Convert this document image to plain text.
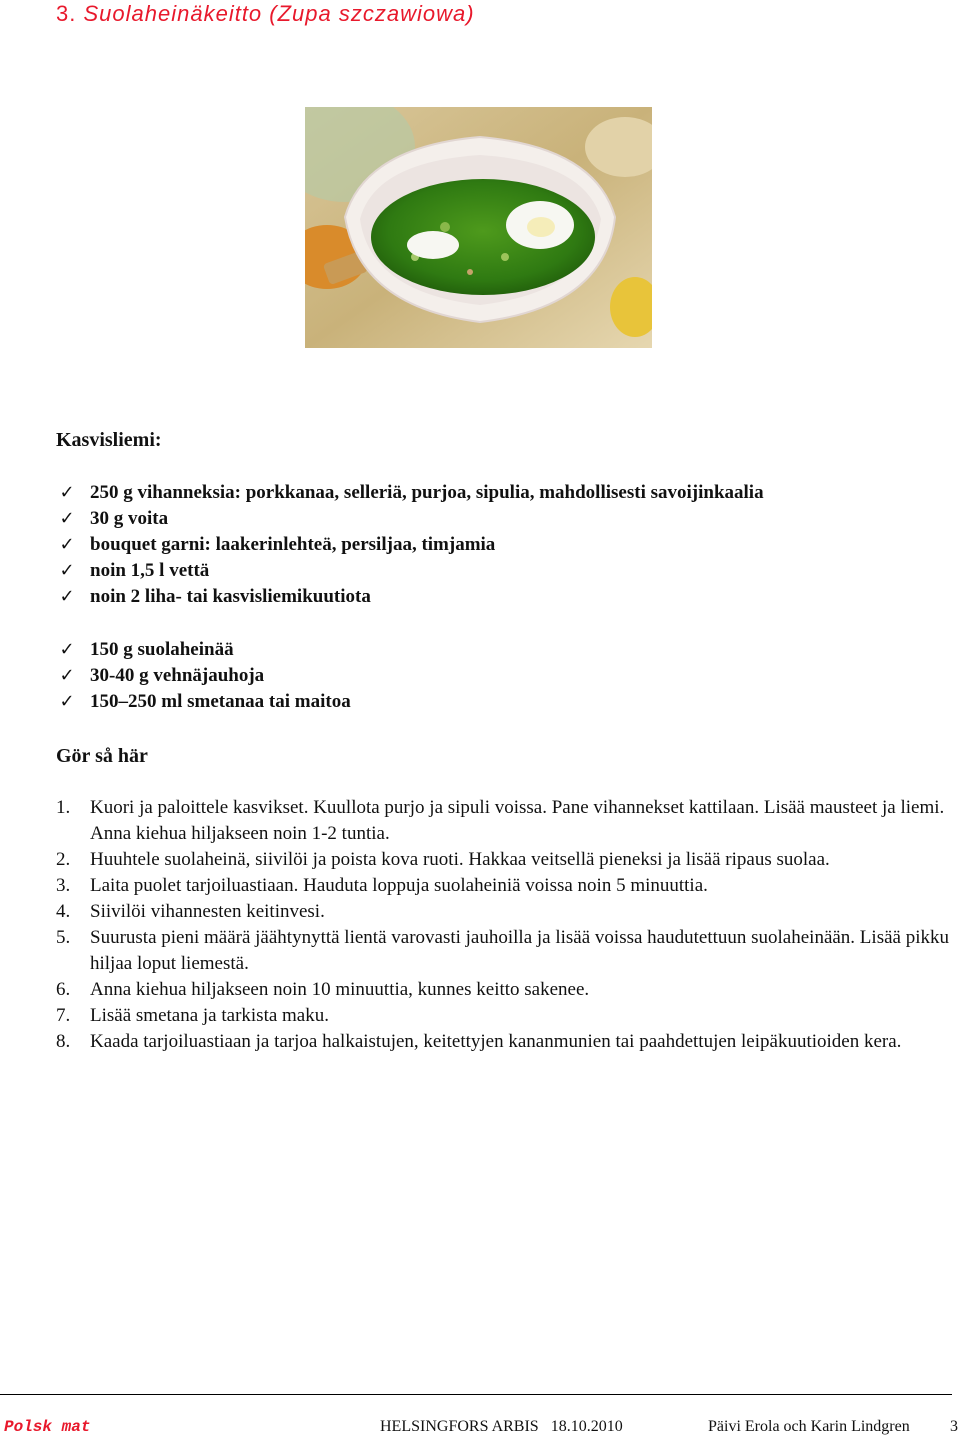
3. Suolaheinäkeitto (Zupa szczawiowa)
Kasvisliemi:
✓ 250 g vihanneksia: porkkanaa, selleriä, purjoa, sipulia, mahdollisesti savoijinkaalia
✓ 30 g voita
✓ bouquet garni: laakerinlehteä, persiljaa, timjamia
✓ noin 1,5 l vettä
✓ noin 2 liha- tai kasvisliemikuutiota
✓ 150 g suolaheinää
✓ 30-40 g vehnäjauhoja
✓ 150–250 ml smetanaa tai maitoa
Gör så här
1. Kuori ja paloittele kasvikset. Kuullota purjo ja sipuli voissa. Pane vihannekset kattilaan. Lisää mausteet ja liemi. Anna kiehua hiljakseen noin 1-2 tuntia.
2. Huuhtele suolaheinä, siivilöi ja poista kova ruoti. Hakkaa veitsellä pieneksi ja lisää ripaus suolaa.
3. Laita puolet tarjoiluastiaan. Hauduta loppuja suolaheiniä voissa noin 5 minuuttia.
4. Siivilöi vihannesten keitinvesi.
5. Suurusta pieni määrä jäähtynyttä lientä varovasti jauhoilla ja lisää voissa haudutettuun suolaheinään. Lisää pikku hiljaa loput liemestä.
6. Anna kiehua hiljakseen noin 10 minuuttia, kunnes keitto sakenee.
7. Lisää smetana ja tarkista maku.
8. Kaada tarjoiluastiaan ja tarjoa halkaistujen, keitettyjen kananmunien tai paahdettujen leipäkuutioiden kera.
Polsk mat	HELSINGFORS ARBIS 18.10.2010	Päivi Erola och Karin Lindgren	3
